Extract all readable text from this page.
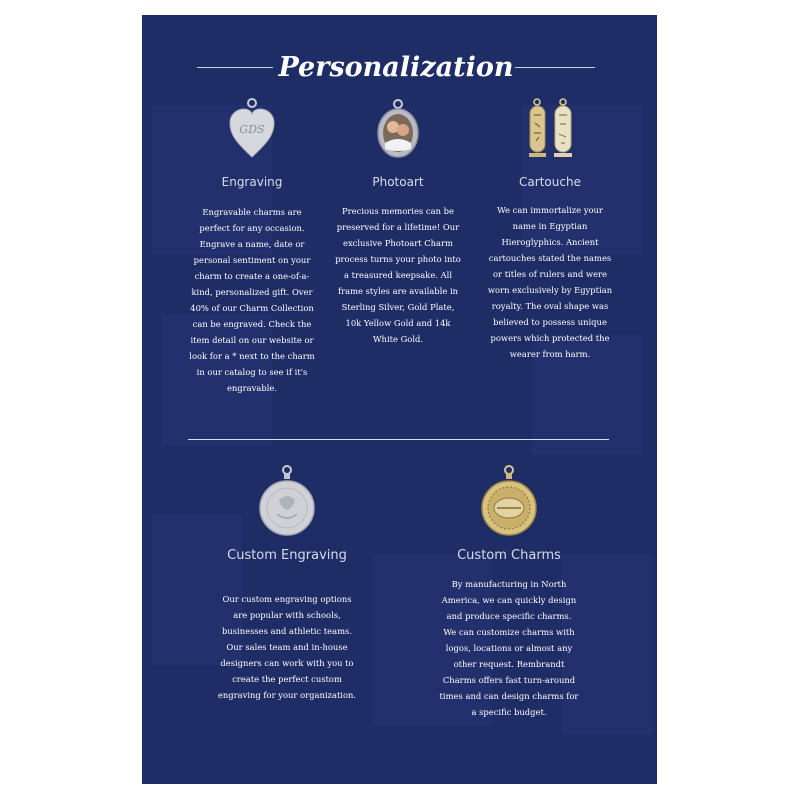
Personalization
GDS
Engraving
Engravable charms are
perfect for any occasion.
Engrave a name, date or
personal sentiment on your
charm to create a one-of-a-
kind, personalized gift. Over
40% of our Charm Collection
can be engraved. Check the
item detail on our website or
look for a * next to the charm
in our catalog to see if it's
engravable.
Photoart
Precious memories can be
preserved for a lifetime! Our
exclusive Photoart Charm
process turns your photo into
a treasured keepsake. All
frame styles are available in
Sterling Silver, Gold Plate,
10k Yellow Gold and 14k
White Gold.
Cartouche
We can immortalize your
name in Egyptian
Hieroglyphics. Ancient
cartouches stated the names
or titles of rulers and were
worn exclusively by Egyptian
royalty. The oval shape was
believed to possess unique
powers which protected the
wearer from harm.
Custom Engraving
Our custom engraving options
are popular with schools,
businesses and athletic teams.
Our sales team and in-house
designers can work with you to
create the perfect custom
engraving for your organization.
Custom Charms
By manufacturing in North
America, we can quickly design
and produce specific charms.
We can customize charms with
logos, locations or almost any
other request. Rembrandt
Charms offers fast turn-around
times and can design charms for
a specific budget.
